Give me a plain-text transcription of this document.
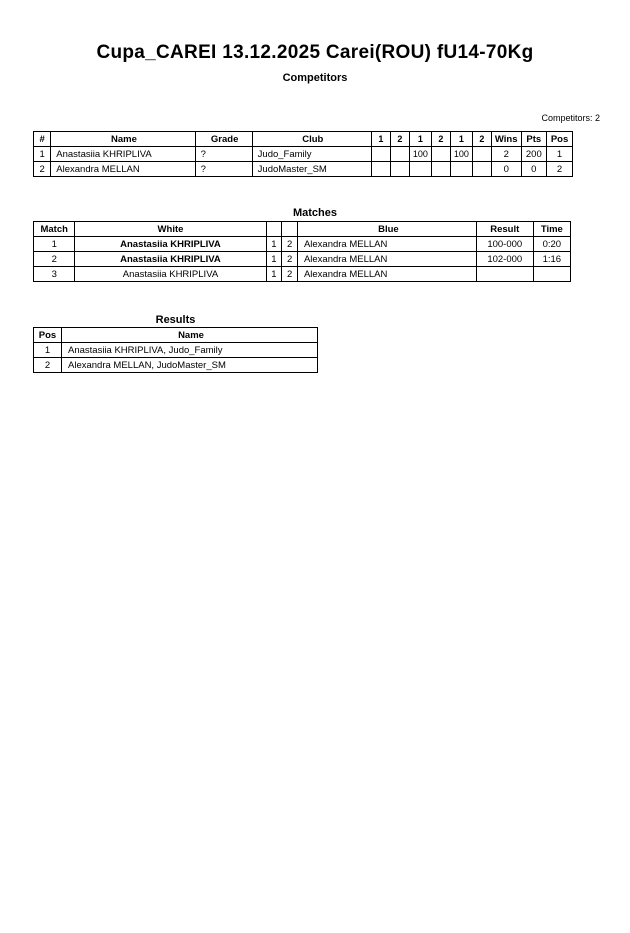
Cupa_CAREI 13.12.2025 Carei(ROU) fU14-70Kg
Competitors
Competitors: 2
#	Name	Grade	Club	1	2	1	2	1	2	Wins	Pts	Pos
1	Anastasiia KHRIPLIVA	?	Judo_Family			100		100		2	200	1
2	Alexandra MELLAN	?	JudoMaster_SM							0	0	2
Matches
Match	White			Blue	Result	Time
1	Anastasiia KHRIPLIVA	1	2	Alexandra MELLAN	100-000	0:20
2	Anastasiia KHRIPLIVA	1	2	Alexandra MELLAN	102-000	1:16
3	Anastasiia KHRIPLIVA	1	2	Alexandra MELLAN		
Results
Pos	Name
1	Anastasiia KHRIPLIVA, Judo_Family
2	Alexandra MELLAN, JudoMaster_SM
